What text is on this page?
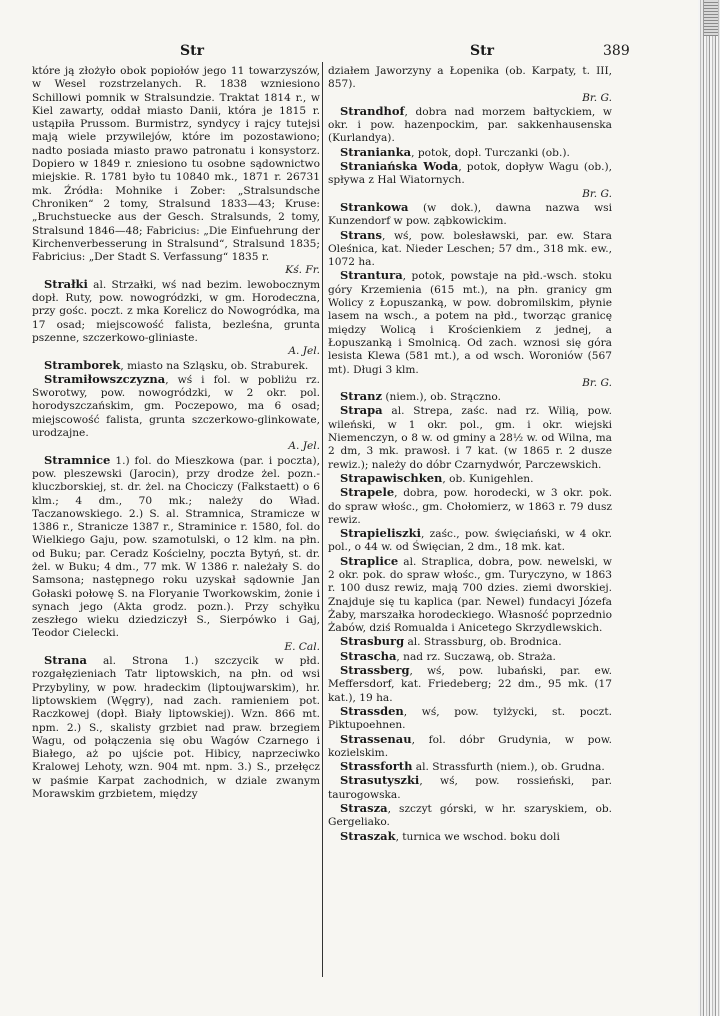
Str	Str	389
które ją złożyło obok popiołów jego 11 towarzyszów, w Wesel rozstrzelanych. R. 1838 wzniesiono Schillowi pomnik w Stralsundzie. Traktat 1814 r., w Kiel zawarty, oddał miasto Danii, która je 1815 r. ustąpiła Prussom. Burmistrz, syndycy i rajcy tutejsi mają wiele przywilejów, które im pozostawiono; nadto posiada miasto prawo patronatu i konsystorz. Dopiero w 1849 r. zniesiono tu osobne sądownictwo miejskie. R. 1781 było tu 10840 mk., 1871 r. 26731 mk. Źródła: Mohnike i Zober: „Stralsundsche Chroniken“ 2 tomy, Stralsund 1833—43; Kruse: „Bruchstuecke aus der Gesch. Stralsunds, 2 tomy, Stralsund 1846—48; Fabricius: „Die Einfuehrung der Kirchenverbesserung in Stralsund“, Stralsund 1835; Fabricius: „Der Stadt S. Verfassung“ 1835 r.
Kś. Fr.
Strałki al. Strzałki, wś nad bezim. lewobocznym dopł. Ruty, pow. nowogródzki, w gm. Horodeczna, przy gośc. poczt. z mka Korelicz do Nowogródka, ma 17 osad; miejscowość falista, bezleśna, grunta pszenne, szczerkowo-gliniaste.
A. Jel.
Stramborek, miasto na Szląsku, ob. Straburek.
Stramiłowszczyzna, wś i fol. w pobliżu rz. Sworotwy, pow. nowogródzki, w 2 okr. pol. horodyszczańskim, gm. Poczepowo, ma 6 osad; miejscowość falista, grunta szczerkowo-glinkowate, urodzajne.
A. Jel.
Stramnice 1.) fol. do Mieszkowa (par. i poczta), pow. pleszewski (Jarocin), przy drodze żel. pozn.-kluczborskiej, st. dr. żel. na Chociczy (Falkstaett) o 6 klm.; 4 dm., 70 mk.; należy do Wład. Taczanowskiego. 2.) S. al. Stramnica, Stramicze w 1386 r., Stranicze 1387 r., Straminice r. 1580, fol. do Wielkiego Gaju, pow. szamotulski, o 12 klm. na płn. od Buku; par. Ceradz Kościelny, poczta Bytyń, st. dr. żel. w Buku; 4 dm., 77 mk. W 1386 r. należały S. do Samsona; następnego roku uzyskał sądownie Jan Gołaski połowę S. na Floryanie Tworkowskim, żonie i synach jego (Akta grodz. pozn.). Przy schyłku zeszłego wieku dziedziczył S., Sierpówko i Gaj, Teodor Cielecki.
E. Cal.
Strana al. Strona 1.) szczycik w płd. rozgałęzieniach Tatr liptowskich, na płn. od wsi Przybyliny, w pow. hradeckim (liptoujwarskim), hr. liptowskiem (Węgry), nad zach. ramieniem pot. Raczkowej (dopł. Biały liptowskiej). Wzn. 866 mt. npm. 2.) S., skalisty grzbiet nad praw. brzegiem Wagu, od połączenia się obu Wagów Czarnego i Białego, aż po ujście pot. Hibicy, naprzeciwko Kralowej Lehoty, wzn. 904 mt. npm. 3.) S., przełęcz w paśmie Karpat zachodnich, w dziale zwanym Morawskim grzbietem, między
działem Jaworzyny a Łopenika (ob. Karpaty, t. III, 857).
Br. G.
Strandhof, dobra nad morzem bałtyckiem, w okr. i pow. hazenpockim, par. sakkenhausenska (Kurlandya).
Stranianka, potok, dopł. Turczanki (ob.).
Straniańska Woda, potok, dopływ Wagu (ob.), spływa z Hal Wiatornych.
Br. G.
Strankowa (w dok.), dawna nazwa wsi Kunzendorf w pow. ząbkowickim.
Strans, wś, pow. bolesławski, par. ew. Stara Oleśnica, kat. Nieder Leschen; 57 dm., 318 mk. ew., 1072 ha.
Strantura, potok, powstaje na płd.-wsch. stoku góry Krzemienia (615 mt.), na płn. granicy gm Wolicy z Łopuszanką, w pow. dobromilskim, płynie lasem na wsch., a potem na płd., tworząc granicę między Wolicą i Krościenkiem z jednej, a Łopuszanką i Smolnicą. Od zach. wznosi się góra lesista Klewa (581 mt.), a od wsch. Woroniów (567 mt). Długi 3 klm.
Br. G.
Stranz (niem.), ob. Strączno.
Strapa al. Strepa, zaśc. nad rz. Wilią, pow. wileński, w 1 okr. pol., gm. i okr. wiejski Niemenczyn, o 8 w. od gminy a 28½ w. od Wilna, ma 2 dm, 3 mk. prawosł. i 7 kat. (w 1865 r. 2 dusze rewiz.); należy do dóbr Czarnydwór, Parczewskich.
Strapawischken, ob. Kunigehlen.
Strapele, dobra, pow. horodecki, w 3 okr. pok. do spraw włośc., gm. Chołomierz, w 1863 r. 79 dusz rewiz.
Strapieliszki, zaśc., pow. święciański, w 4 okr. pol., o 44 w. od Święcian, 2 dm., 18 mk. kat.
Straplice al. Straplica, dobra, pow. newelski, w 2 okr. pok. do spraw włośc., gm. Turyczyno, w 1863 r. 100 dusz rewiz, mają 700 dzies. ziemi dworskiej. Znajduje się tu kaplica (par. Newel) fundacyi Józefa Żaby, marszałka horodeckiego. Własność poprzednio Żabów, dziś Romualda i Anicetego Skrzydlewskich.
Strasburg al. Strassburg, ob. Brodnica.
Strascha, nad rz. Suczawą, ob. Straża.
Strassberg, wś, pow. lubański, par. ew. Meffersdorf, kat. Friedeberg; 22 dm., 95 mk. (17 kat.), 19 ha.
Strassden, wś, pow. tylżycki, st. poczt. Piktupoehnen.
Strassenau, fol. dóbr Grudynia, w pow. kozielskim.
Strassforth al. Strassfurth (niem.), ob. Grudna.
Strasutyszki, wś, pow. rossieński, par. taurogowska.
Strasza, szczyt górski, w hr. szaryskiem, ob. Gergeliako.
Straszak, turnica we wschod. boku doli
